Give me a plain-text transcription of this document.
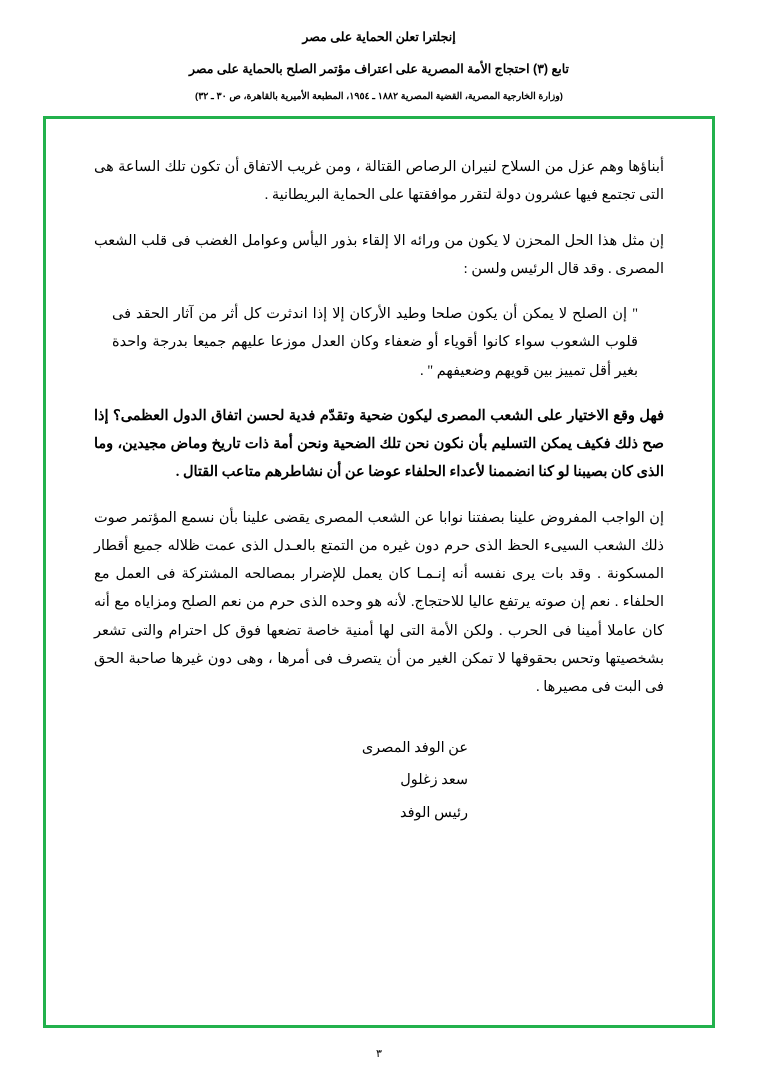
إنجلترا تعلن الحماية على مصر
تابع (٣) احتجاج الأمة المصرية على اعتراف مؤتمر الصلح بالحماية على مصر
(وزارة الخارجية المصرية، القضية المصرية ١٨٨٢ ـ ١٩٥٤، المطبعة الأميرية بالقاهرة، ص ٣٠ ـ ٣٢)

أبناؤها وهم عزل من السلاح لنيران الرصاص القتالة ، ومن غريب الاتفاق أن تكون تلك الساعة هى التى تجتمع فيها عشرون دولة لتقرر موافقتها على الحماية البريطانية .

إن مثل هذا الحل المحزن لا يكون من ورائه الا إلقاء بذور اليأس وعوامل الغضب فى قلب الشعب المصرى . وقد قال الرئيس ولسن :

" إن الصلح لا يمكن أن يكون صلحا وطيد الأركان إلا إذا اندثرت كل أثر من آثار الحقد فى قلوب الشعوب سواء كانوا أقوياء أو ضعفاء وكان العدل موزعا عليهم جميعا بدرجة واحدة بغير أقل تمييز بين قويهم وضعيفهم " .

فهل وقع الاختيار على الشعب المصرى ليكون ضحية وتقدّم فدية لحسن اتفاق الدول العظمى؟ إذا صح ذلك فكيف يمكن التسليم بأن نكون نحن تلك الضحية ونحن أمة ذات تاريخ وماض مجيدين، وما الذى كان بصيبنا لو كنا انضممنا لأعداء الحلفاء عوضا عن أن نشاطرهم متاعب القتال .

إن الواجب المفروض علينا بصفتنا نوابا عن الشعب المصرى يقضى علينا بأن نسمع المؤتمر صوت ذلك الشعب السيىء الحظ الذى حرم دون غيره من التمتع بالعـدل الذى عمت ظلاله جميع أقطار المسكونة . وقد بات يرى نفسه أنه إنـمـا كان يعمل للإضرار بمصالحه المشتركة فى العمل مع الحلفاء . نعم إن صوته يرتفع عاليا للاحتجاج. لأنه هو وحده الذى حرم من نعم الصلح ومزاياه مع أنه كان عاملا أمينا فى الحرب . ولكن الأمة التى لها أمنية خاصة تضعها فوق كل احترام والتى تشعر بشخصيتها وتحس بحقوقها لا تمكن الغير من أن يتصرف فى أمرها ، وهى دون غيرها صاحبة الحق فى البت فى مصيرها .

عن الوفد المصرى
سعد زغلول
رئيس الوفد
٣
